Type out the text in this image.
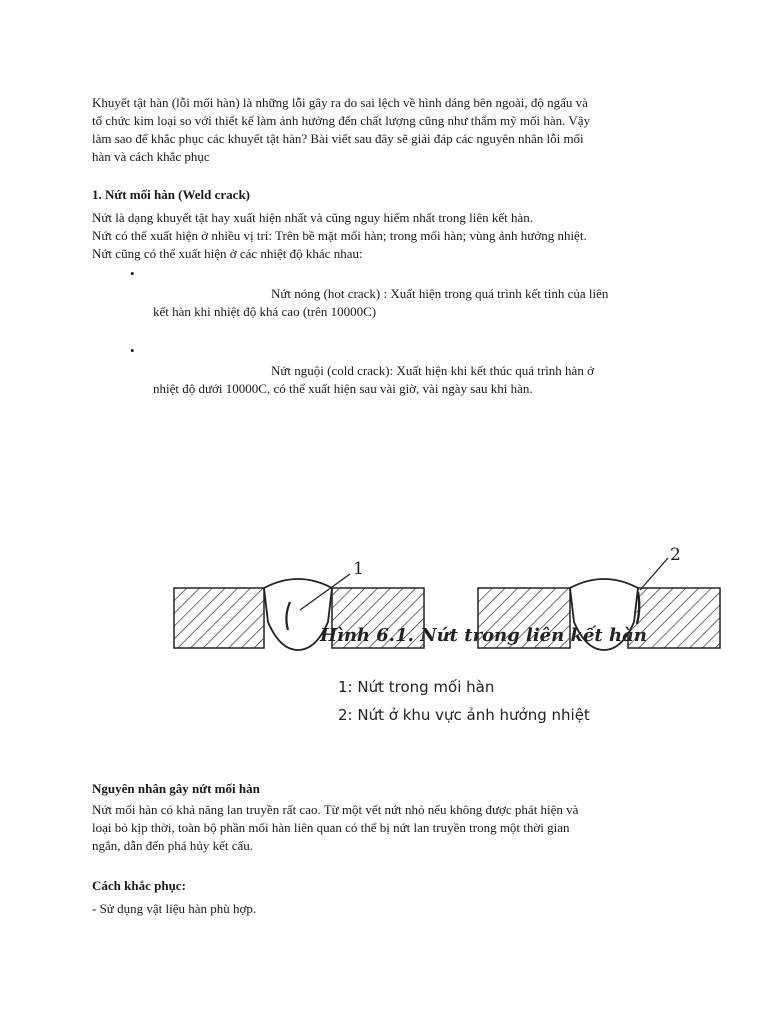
Khuyết tật hàn (lỗi mối hàn) là những lỗi gây ra do sai lệch về hình dáng bên ngoài, độ ngấu và
tổ chức kim loại so với thiết kế làm ảnh hưởng đến chất lượng cũng như thẩm mỹ mối hàn. Vậy
làm sao để khắc phục các khuyết tật hàn? Bài viết sau đây sẽ giải đáp các nguyên nhân lỗi mối
hàn và cách khắc phục
1. Nứt mối hàn (Weld crack)
Nứt là dạng khuyết tật hay xuất hiện nhất và cũng nguy hiểm nhất trong liên kết hàn.
Nứt có thể xuất hiện ở nhiều vị trí: Trên bề mặt mối hàn; trong mối hàn; vùng ảnh hưởng nhiệt.
Nứt cũng có thể xuất hiện ở các nhiệt độ khác nhau:
•
Nứt nóng (hot crack) : Xuất hiện trong quá trình kết tinh của liên
kết hàn khi nhiệt độ khá cao (trên 10000C)
•
Nứt nguội (cold crack): Xuất hiện khi kết thúc quá trình hàn ở
nhiệt độ dưới 10000C, có thể xuất hiện sau vài giờ, vài ngày sau khi hàn.
1
2
Hình 6.1. Nứt trong liên kết hàn
1: Nứt trong mối hàn
2: Nứt ở khu vực ảnh hưởng nhiệt
Nguyên nhân gây nứt mối hàn
Nứt mối hàn có khả năng lan truyền rất cao. Từ một vết nứt nhỏ nếu không được phát hiện và
loại bỏ kịp thời, toàn bộ phần mối hàn liên quan có thể bị nứt lan truyền trong một thời gian
ngắn, dẫn đến phá hủy kết cấu.
Cách khắc phục:
- Sử dụng vật liệu hàn phù hợp.
